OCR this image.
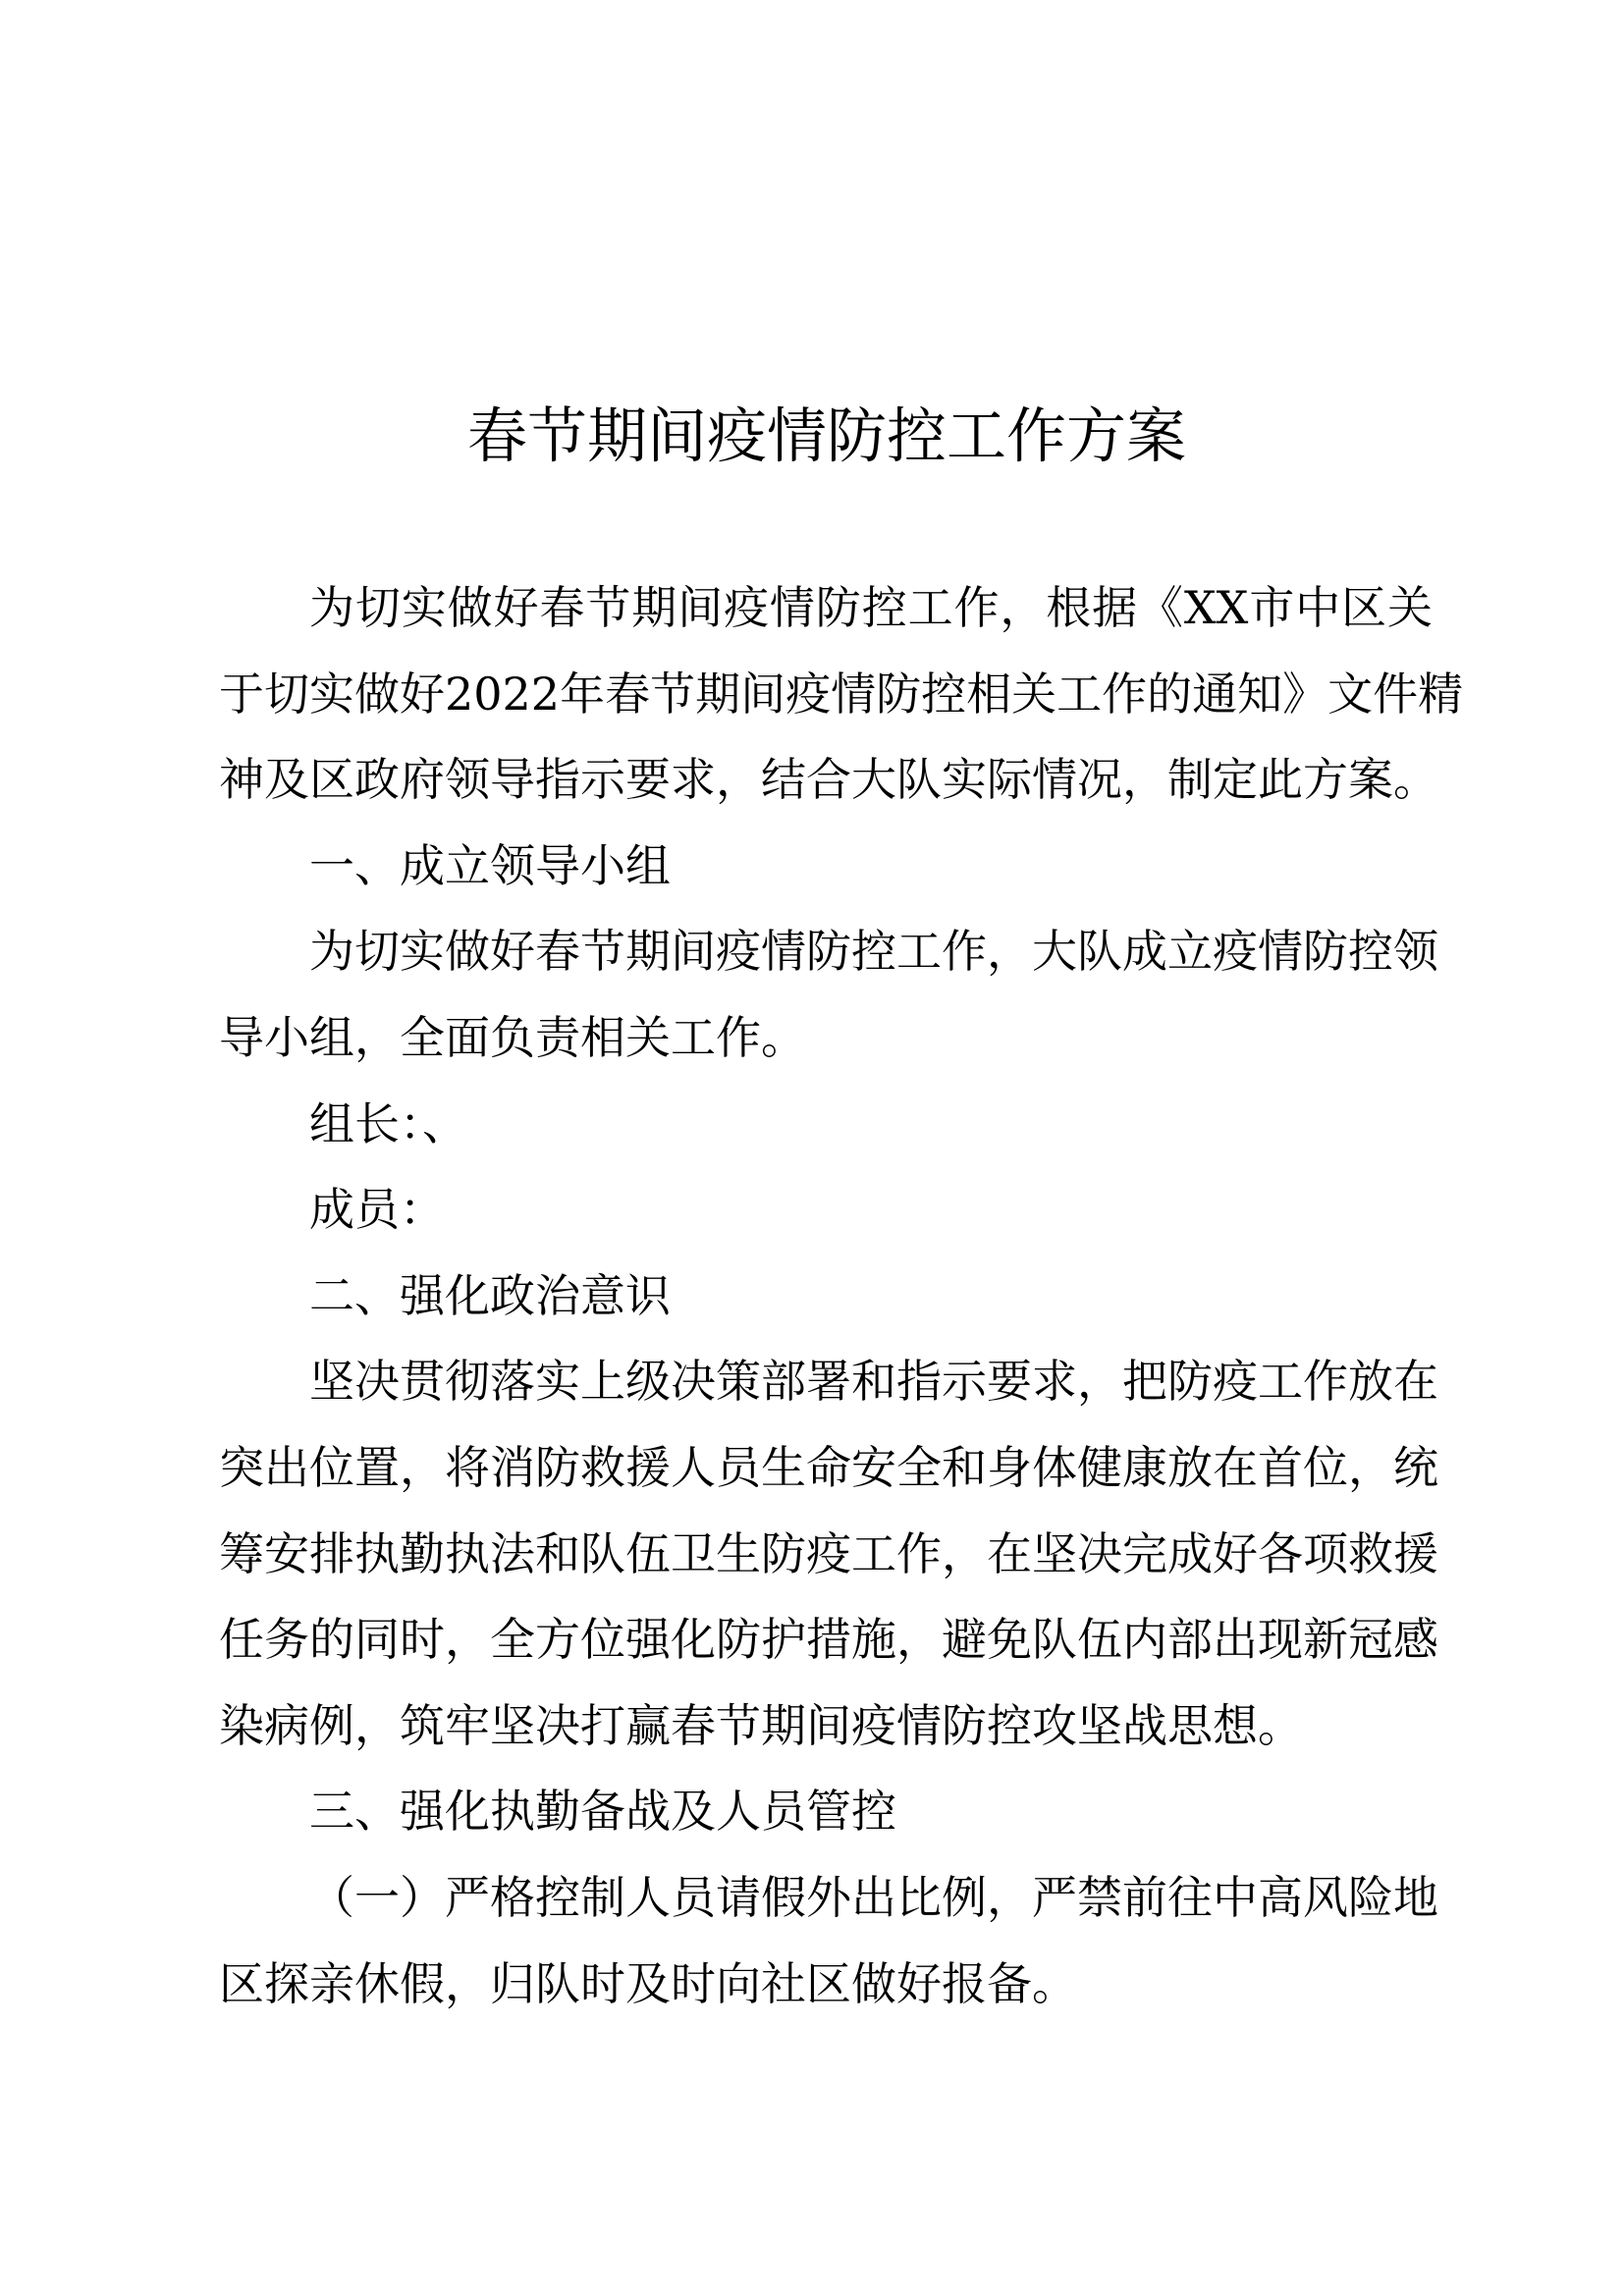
春节期间疫情防控工作方案
为切实做好春节期间疫情防控工作，根据《XX市中区关
于切实做好2022年春节期间疫情防控相关工作的通知》文件精
神及区政府领导指示要求，结合大队实际情况，制定此方案。
一、成立领导小组
为切实做好春节期间疫情防控工作，大队成立疫情防控领
导小组，全面负责相关工作。
组长：、
成员：
二、强化政治意识
坚决贯彻落实上级决策部署和指示要求，把防疫工作放在
突出位置，将消防救援人员生命安全和身体健康放在首位，统
筹安排执勤执法和队伍卫生防疫工作，在坚决完成好各项救援
任务的同时，全方位强化防护措施，避免队伍内部出现新冠感
染病例，筑牢坚决打赢春节期间疫情防控攻坚战思想。
三、强化执勤备战及人员管控
（一）严格控制人员请假外出比例，严禁前往中高风险地
区探亲休假，归队时及时向社区做好报备。
